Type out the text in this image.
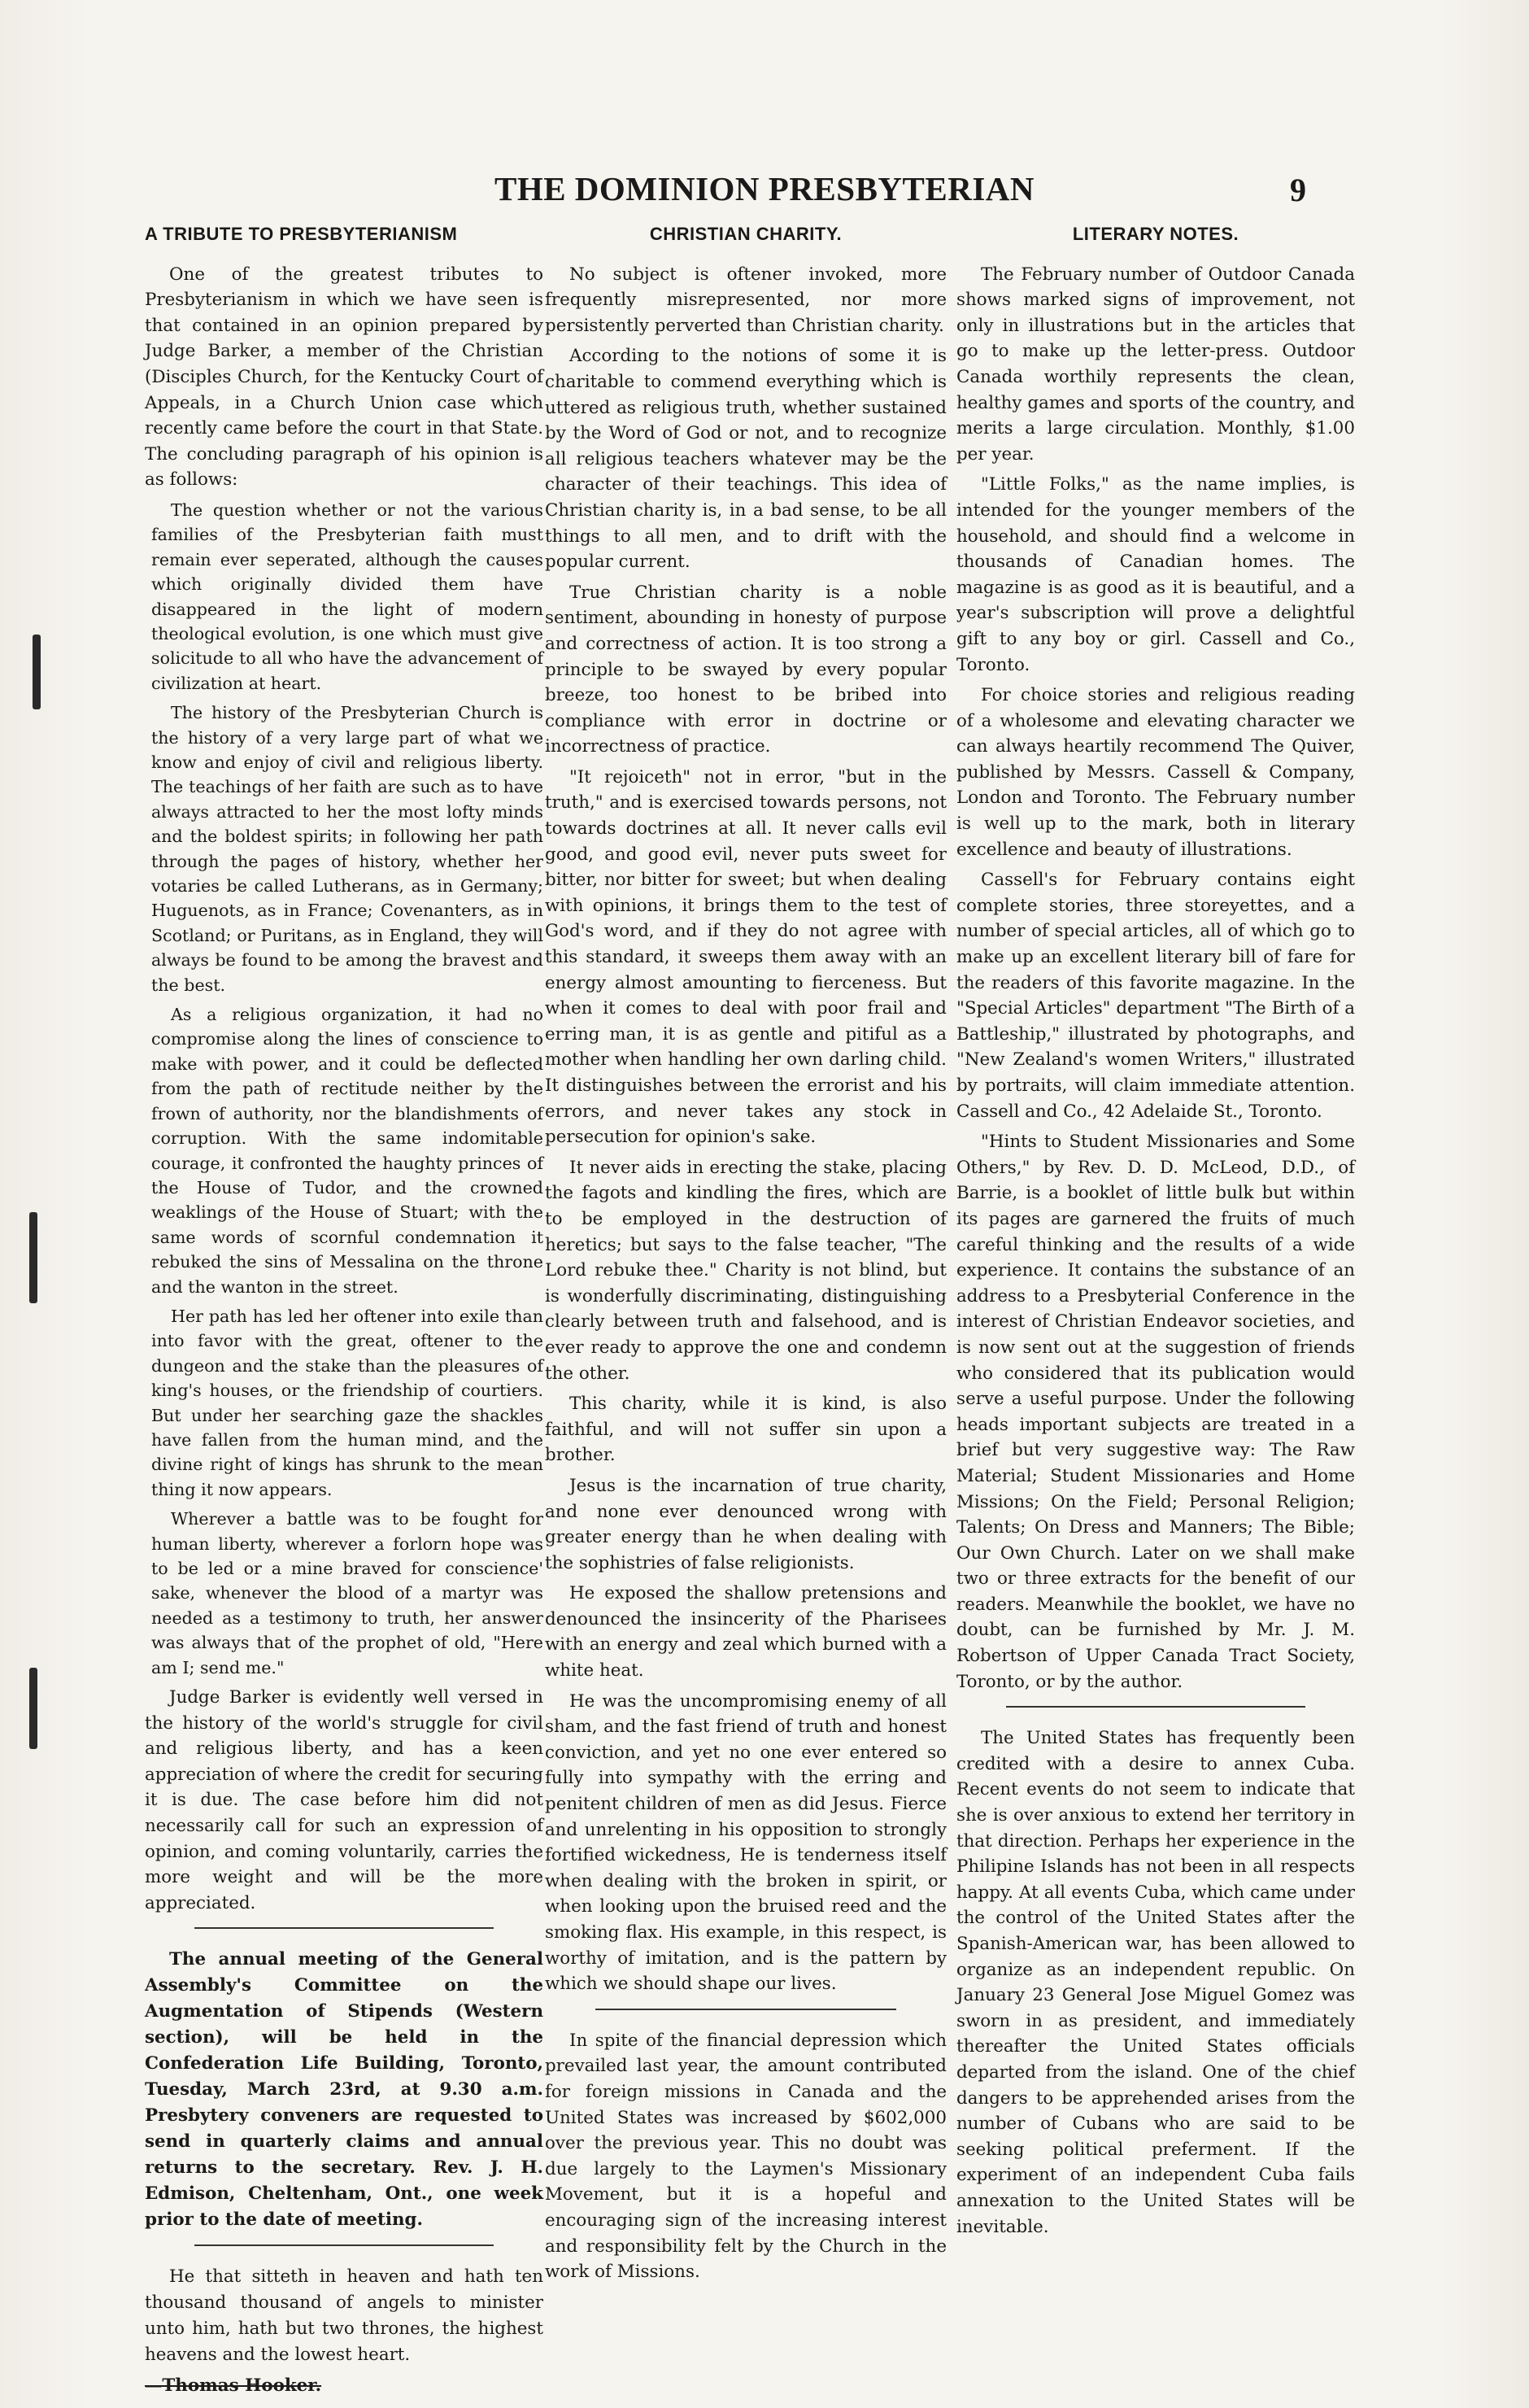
THE DOMINION PRESBYTERIAN	9
A TRIBUTE TO PRESBYTERIANISM

One of the greatest tributes to Presbyterianism in which we have seen is that contained in an opinion prepared by Judge Barker, a member of the Christian (Disciples Church, for the Kentucky Court of Appeals, in a Church Union case which recently came before the court in that State. The concluding paragraph of his opinion is as follows:

The question whether or not the various families of the Presbyterian faith must remain ever seperated, although the causes which originally divided them have disappeared in the light of modern theological evolution, is one which must give solicitude to all who have the advancement of civilization at heart.

The history of the Presbyterian Church is the history of a very large part of what we know and enjoy of civil and religious liberty. The teachings of her faith are such as to have always attracted to her the most lofty minds and the boldest spirits; in following her path through the pages of history, whether her votaries be called Lutherans, as in Germany; Huguenots, as in France; Covenanters, as in Scotland; or Puritans, as in England, they will always be found to be among the bravest and the best.

As a religious organization, it had no compromise along the lines of conscience to make with power, and it could be deflected from the path of rectitude neither by the frown of authority, nor the blandishments of corruption. With the same indomitable courage, it confronted the haughty princes of the House of Tudor, and the crowned weaklings of the House of Stuart; with the same words of scornful condemnation it rebuked the sins of Messalina on the throne and the wanton in the street.

Her path has led her oftener into exile than into favor with the great, oftener to the dungeon and the stake than the pleasures of king's houses, or the friendship of courtiers. But under her searching gaze the shackles have fallen from the human mind, and the divine right of kings has shrunk to the mean thing it now appears.

Wherever a battle was to be fought for human liberty, wherever a forlorn hope was to be led or a mine braved for conscience' sake, whenever the blood of a martyr was needed as a testimony to truth, her answer was always that of the prophet of old, "Here am I; send me."

Judge Barker is evidently well versed in the history of the world's struggle for civil and religious liberty, and has a keen appreciation of where the credit for securing it is due. The case before him did not necessarily call for such an expression of opinion, and coming voluntarily, carries the more weight and will be the more appreciated.

The annual meeting of the General Assembly's Committee on the Augmentation of Stipends (Western section), will be held in the Confederation Life Building, Toronto, Tuesday, March 23rd, at 9.30 a.m. Presbytery conveners are requested to send in quarterly claims and annual returns to the secretary. Rev. J. H. Edmison, Cheltenham, Ont., one week prior to the date of meeting.

He that sitteth in heaven and hath ten thousand thousand of angels to minister unto him, hath but two thrones, the highest heavens and the lowest heart.

—Thomas Hooker.

CHRISTIAN CHARITY.

No subject is oftener invoked, more frequently misrepresented, nor more persistently perverted than Christian charity.

According to the notions of some it is charitable to commend everything which is uttered as religious truth, whether sustained by the Word of God or not, and to recognize all religious teachers whatever may be the character of their teachings. This idea of Christian charity is, in a bad sense, to be all things to all men, and to drift with the popular current.

True Christian charity is a noble sentiment, abounding in honesty of purpose and correctness of action. It is too strong a principle to be swayed by every popular breeze, too honest to be bribed into compliance with error in doctrine or incorrectness of practice.

"It rejoiceth" not in error, "but in the truth," and is exercised towards persons, not towards doctrines at all. It never calls evil good, and good evil, never puts sweet for bitter, nor bitter for sweet; but when dealing with opinions, it brings them to the test of God's word, and if they do not agree with this standard, it sweeps them away with an energy almost amounting to fierceness. But when it comes to deal with poor frail and erring man, it is as gentle and pitiful as a mother when handling her own darling child. It distinguishes between the errorist and his errors, and never takes any stock in persecution for opinion's sake.

It never aids in erecting the stake, placing the fagots and kindling the fires, which are to be employed in the destruction of heretics; but says to the false teacher, "The Lord rebuke thee." Charity is not blind, but is wonderfully discriminating, distinguishing clearly between truth and falsehood, and is ever ready to approve the one and condemn the other.

This charity, while it is kind, is also faithful, and will not suffer sin upon a brother.

Jesus is the incarnation of true charity, and none ever denounced wrong with greater energy than he when dealing with the sophistries of false religionists.

He exposed the shallow pretensions and denounced the insincerity of the Pharisees with an energy and zeal which burned with a white heat.

He was the uncompromising enemy of all sham, and the fast friend of truth and honest conviction, and yet no one ever entered so fully into sympathy with the erring and penitent children of men as did Jesus. Fierce and unrelenting in his opposition to strongly fortified wickedness, He is tenderness itself when dealing with the broken in spirit, or when looking upon the bruised reed and the smoking flax. His example, in this respect, is worthy of imitation, and is the pattern by which we should shape our lives.

In spite of the financial depression which prevailed last year, the amount contributed for foreign missions in Canada and the United States was increased by $602,000 over the previous year. This no doubt was due largely to the Laymen's Missionary Movement, but it is a hopeful and encouraging sign of the increasing interest and responsibility felt by the Church in the work of Missions.

LITERARY NOTES.

The February number of Outdoor Canada shows marked signs of improvement, not only in illustrations but in the articles that go to make up the letter-press. Outdoor Canada worthily represents the clean, healthy games and sports of the country, and merits a large circulation. Monthly, $1.00 per year.

"Little Folks," as the name implies, is intended for the younger members of the household, and should find a welcome in thousands of Canadian homes. The magazine is as good as it is beautiful, and a year's subscription will prove a delightful gift to any boy or girl. Cassell and Co., Toronto.

For choice stories and religious reading of a wholesome and elevating character we can always heartily recommend The Quiver, published by Messrs. Cassell & Company, London and Toronto. The February number is well up to the mark, both in literary excellence and beauty of illustrations.

Cassell's for February contains eight complete stories, three storeyettes, and a number of special articles, all of which go to make up an excellent literary bill of fare for the readers of this favorite magazine. In the "Special Articles" department "The Birth of a Battleship," illustrated by photographs, and "New Zealand's women Writers," illustrated by portraits, will claim immediate attention. Cassell and Co., 42 Adelaide St., Toronto.

"Hints to Student Missionaries and Some Others," by Rev. D. D. McLeod, D.D., of Barrie, is a booklet of little bulk but within its pages are garnered the fruits of much careful thinking and the results of a wide experience. It contains the substance of an address to a Presbyterial Conference in the interest of Christian Endeavor societies, and is now sent out at the suggestion of friends who considered that its publication would serve a useful purpose. Under the following heads important subjects are treated in a brief but very suggestive way: The Raw Material; Student Missionaries and Home Missions; On the Field; Personal Religion; Talents; On Dress and Manners; The Bible; Our Own Church. Later on we shall make two or three extracts for the benefit of our readers. Meanwhile the booklet, we have no doubt, can be furnished by Mr. J. M. Robertson of Upper Canada Tract Society, Toronto, or by the author.

The United States has frequently been credited with a desire to annex Cuba. Recent events do not seem to indicate that she is over anxious to extend her territory in that direction. Perhaps her experience in the Philipine Islands has not been in all respects happy. At all events Cuba, which came under the control of the United States after the Spanish-American war, has been allowed to organize as an independent republic. On January 23 General Jose Miguel Gomez was sworn in as president, and immediately thereafter the United States officials departed from the island. One of the chief dangers to be apprehended arises from the number of Cubans who are said to be seeking political preferment. If the experiment of an independent Cuba fails annexation to the United States will be inevitable.
